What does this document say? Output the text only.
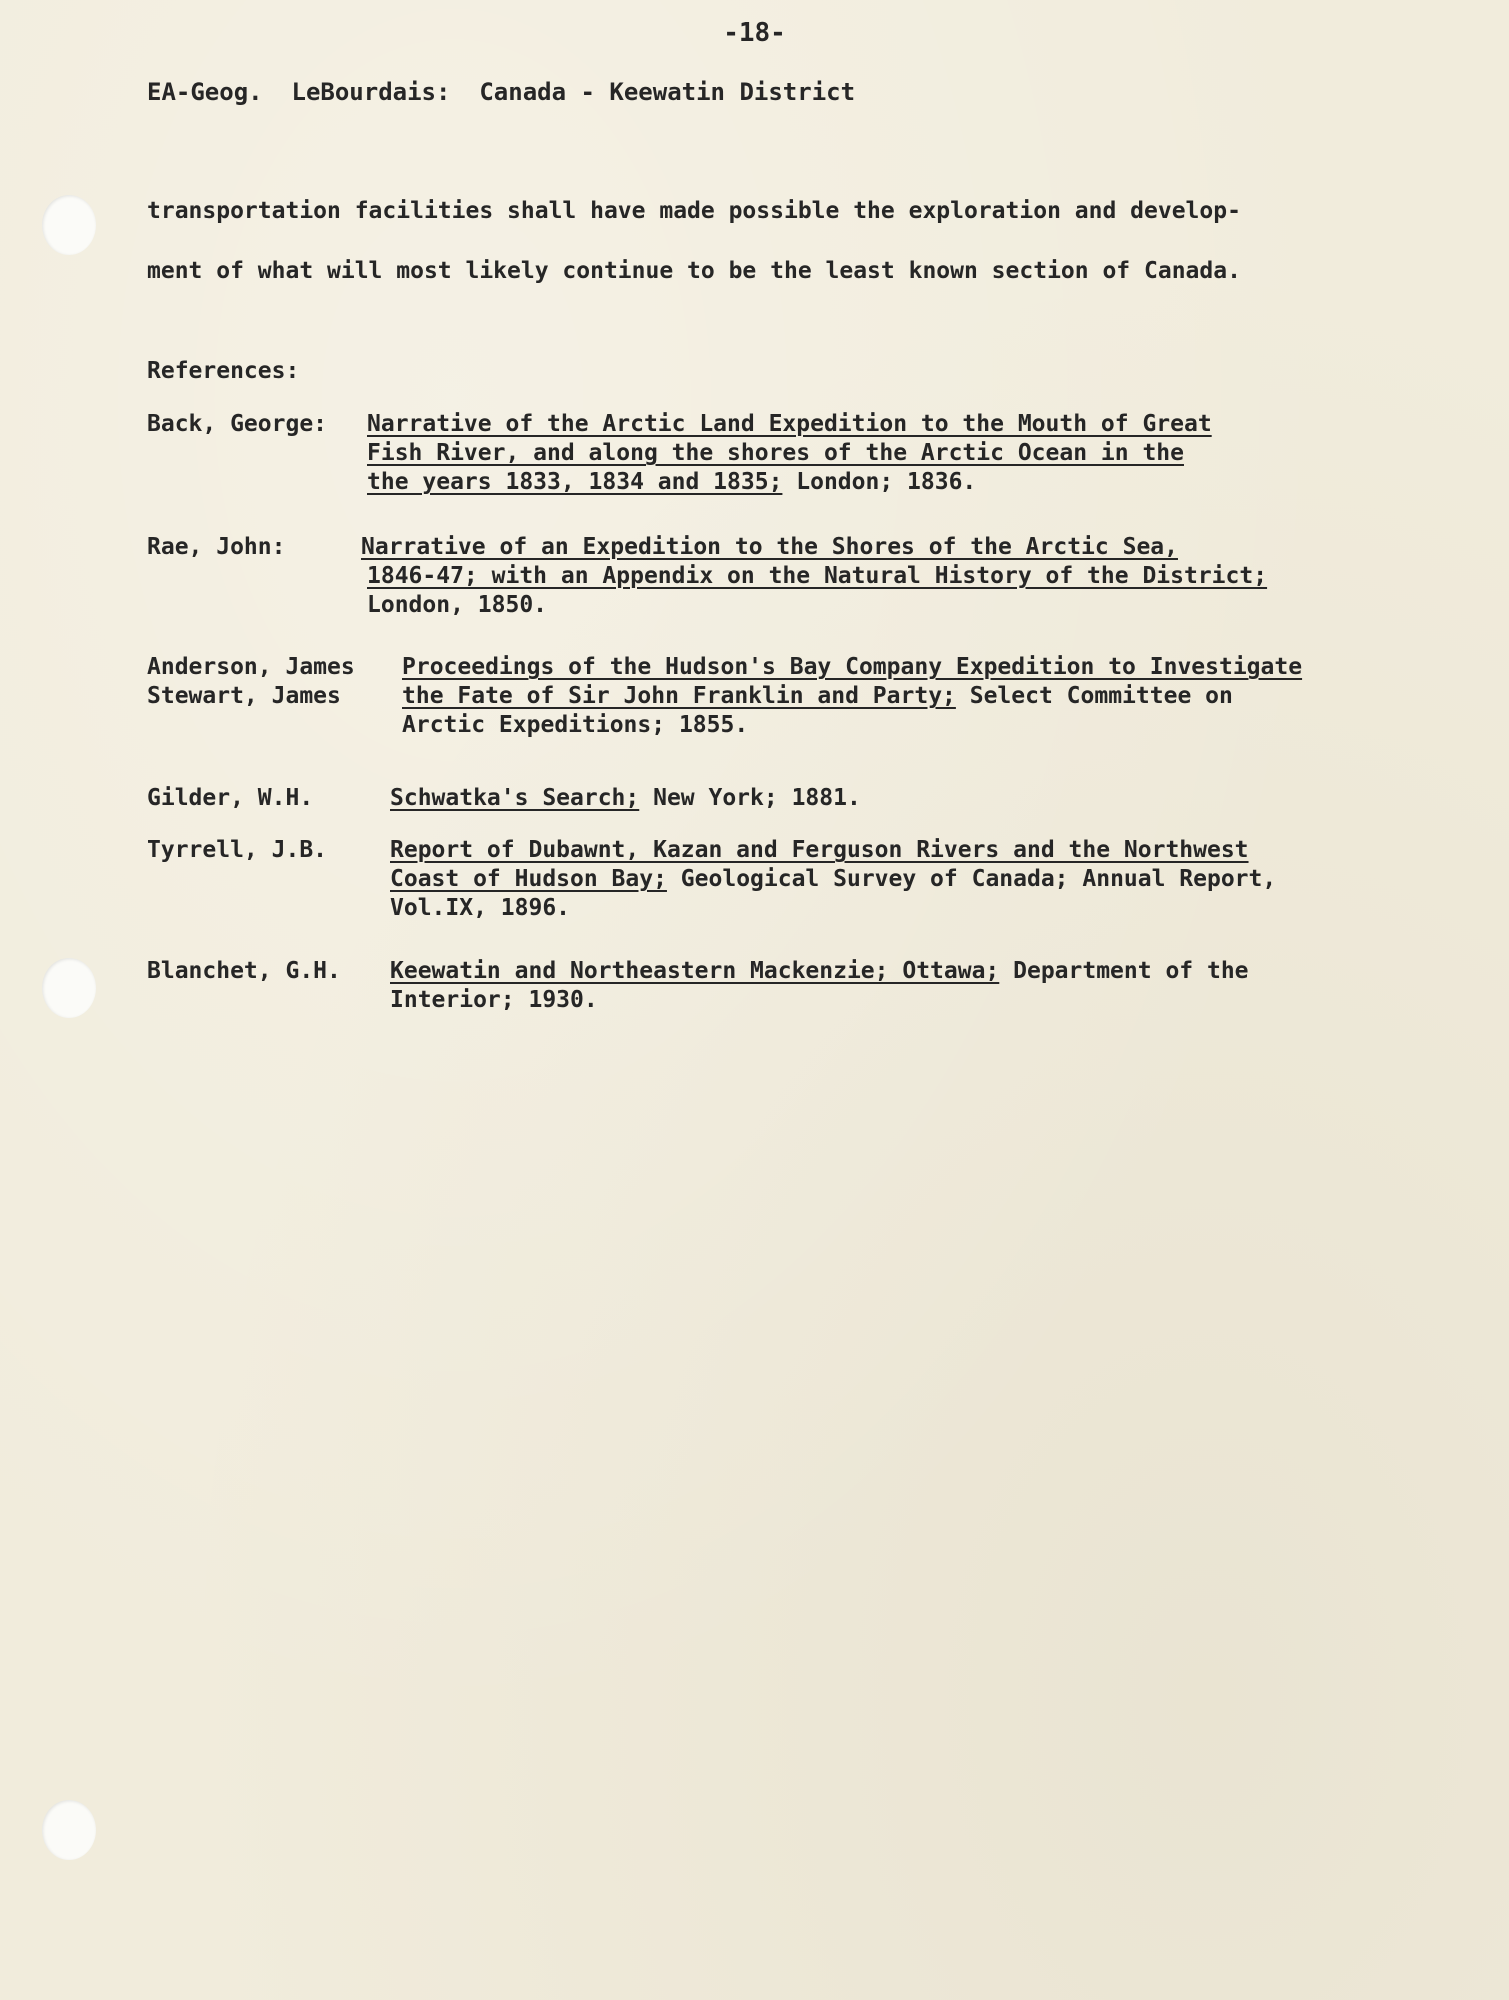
-18-
EA-Geog. LeBourdais: Canada - Keewatin District
transportation facilities shall have made possible the exploration and develop-
ment of what will most likely continue to be the least known section of Canada.
References:
Back, George: Narrative of the Arctic Land Expedition to the Mouth of Great
Fish River, and along the shores of the Arctic Ocean in the
the years 1833, 1834 and 1835; London; 1836.
Rae, John:	Narrative of an Expedition to the Shores of the Arctic Sea,
1846-47; with an Appendix on the Natural History of the District;
London, 1850.
Anderson, James
Stewart, James
Proceedings of the Hudson's Bay Company Expedition to Investigate
the Fate of Sir John Franklin and Party; Select Committee on
Arctic Expeditions; 1855.
Gilder, W.H.	Schwatka's Search; New York; 1881.
Tyrrell, J.B.	Report of Dubawnt, Kazan and Ferguson Rivers and the Northwest
Coast of Hudson Bay; Geological Survey of Canada; Annual Report,
Vol.IX, 1896.
Blanchet, G.H. Keewatin and Northeastern Mackenzie; Ottawa; Department of the
Interior; 1930.
